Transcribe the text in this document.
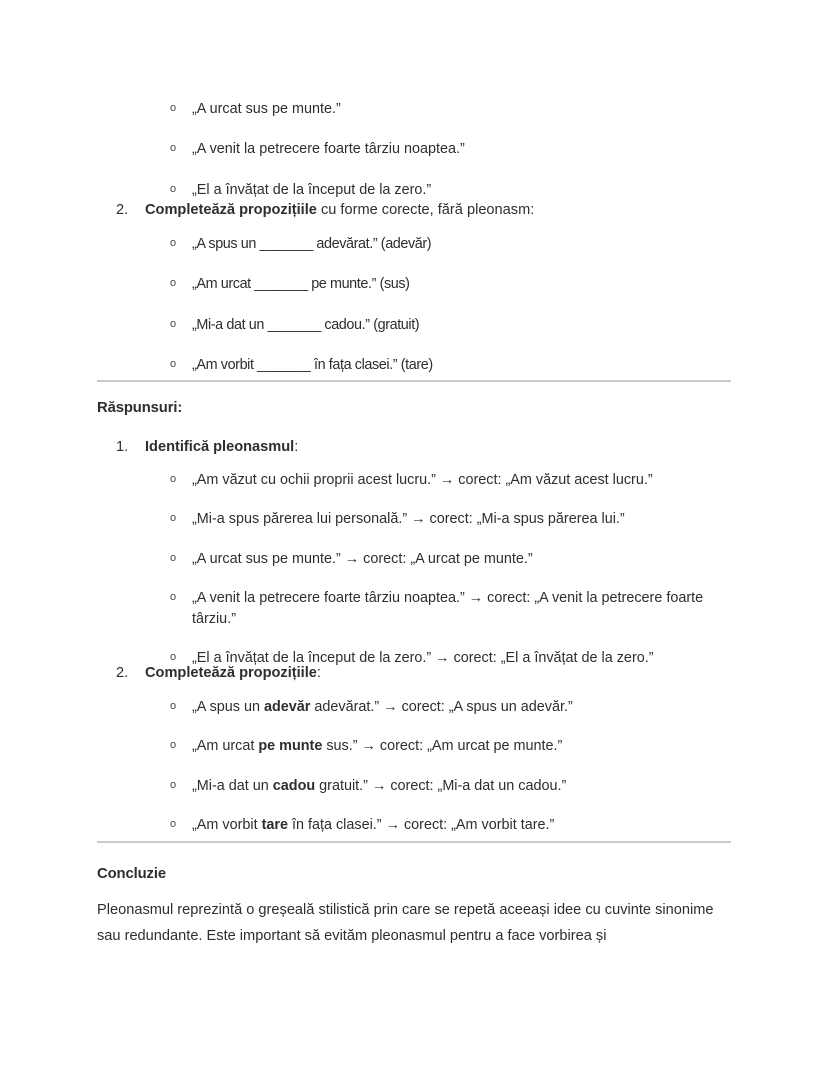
o „A urcat sus pe munte.”
o „A venit la petrecere foarte târziu noaptea.”
o „El a învățat de la început de la zero.”
2. Completeăză propozițiile cu forme corecte, fără pleonasm:
o „A spus un _______ adevărat.” (adevăr)
o „Am urcat _______ pe munte.” (sus)
o „Mi-a dat un _______ cadou.” (gratuit)
o „Am vorbit _______ în fața clasei.” (tare)
Răspunsuri:
1. Identifică pleonasmul:
o „Am văzut cu ochii proprii acest lucru.” → corect: „Am văzut acest lucru.”
o „Mi-a spus părerea lui personală.” → corect: „Mi-a spus părerea lui.”
o „A urcat sus pe munte.” → corect: „A urcat pe munte.”
o „A venit la petrecere foarte târziu noaptea.” → corect: „A venit la petrecere foarte târziu.”
o „El a învățat de la început de la zero.” → corect: „El a învățat de la zero.”
2. Completeăză propozițiile:
o „A spus un adevăr adevărat.” → corect: „A spus un adevăr.”
o „Am urcat pe munte sus.” → corect: „Am urcat pe munte.”
o „Mi-a dat un cadou gratuit.” → corect: „Mi-a dat un cadou.”
o „Am vorbit tare în fața clasei.” → corect: „Am vorbit tare.”
Concluzie
Pleonasmul reprezintă o greșeală stilistică prin care se repetă aceeași idee cu cuvinte sinonime sau redundante. Este important să evităm pleonasmul pentru a face vorbirea și
